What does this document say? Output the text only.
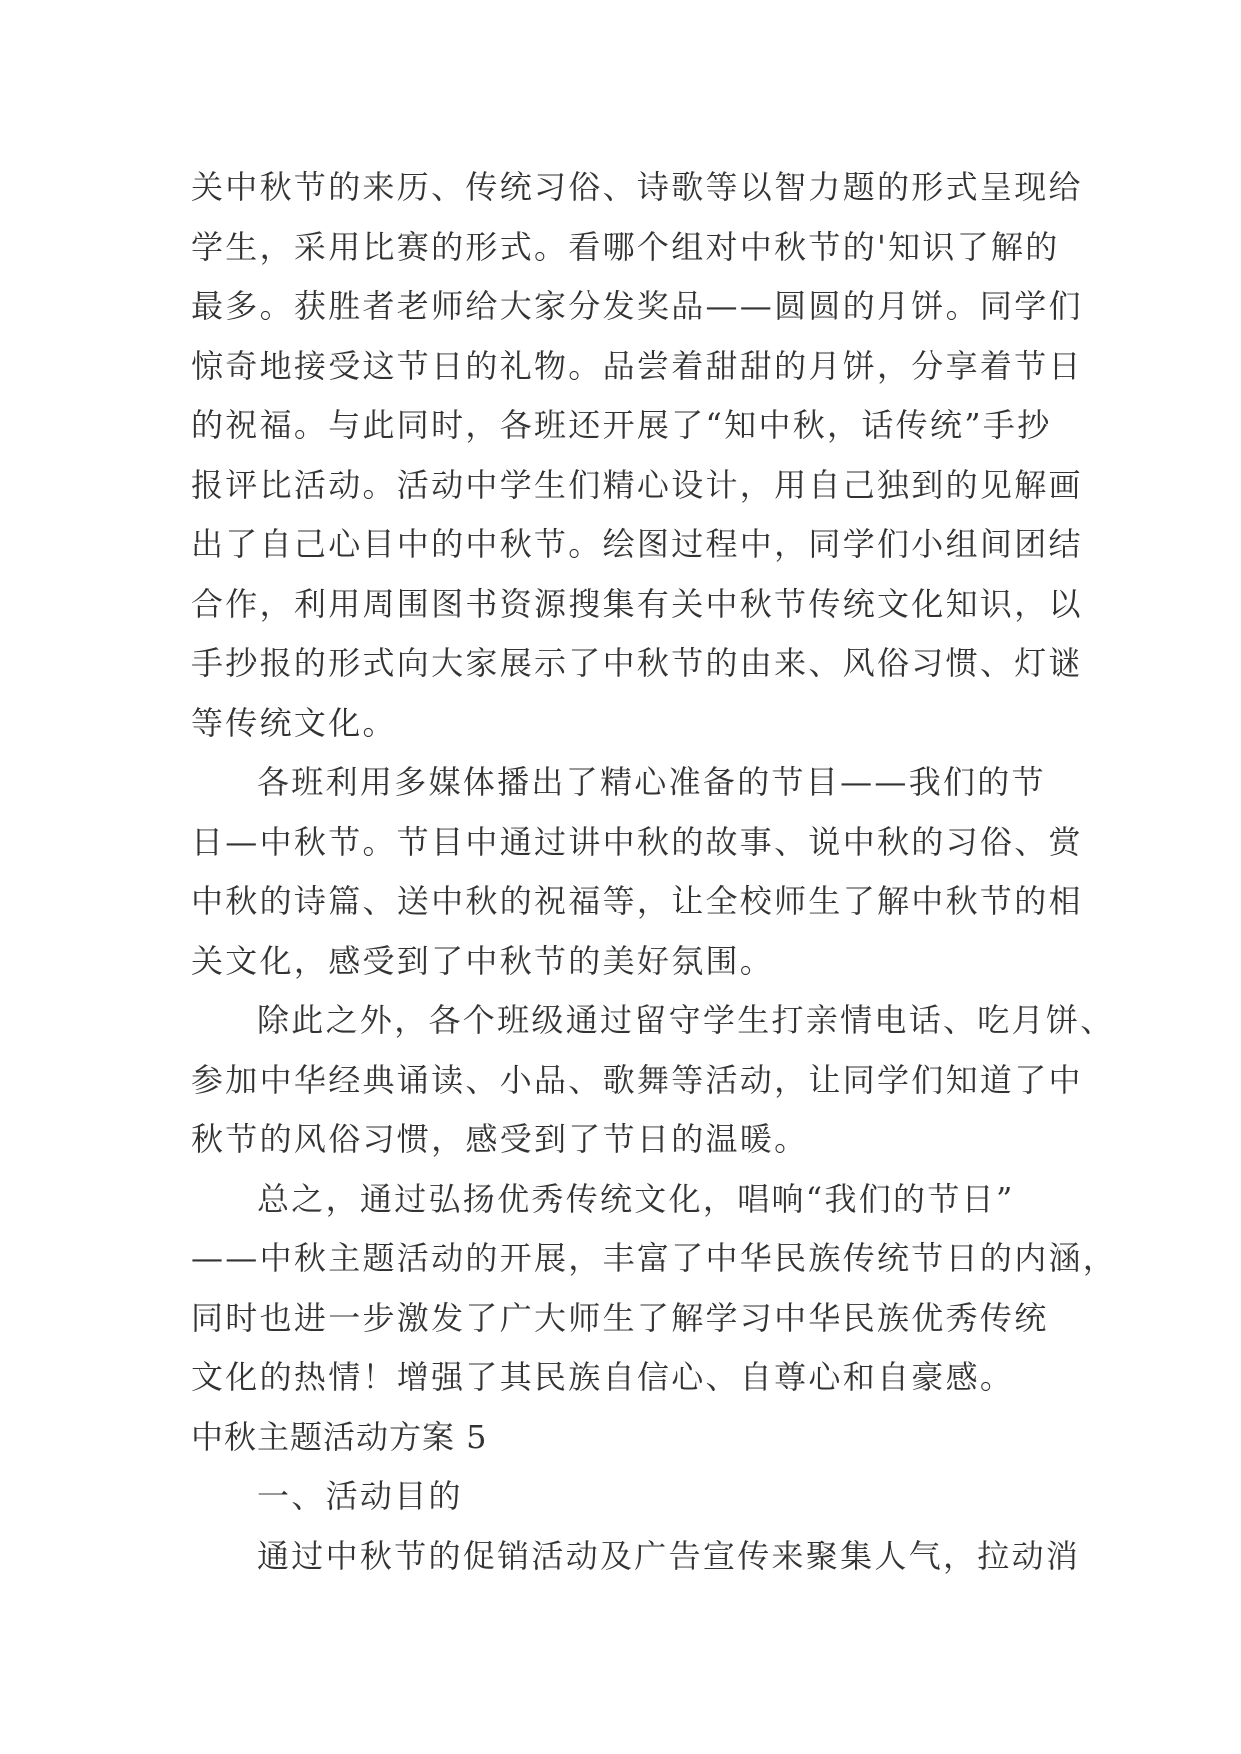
关中秋节的来历、传统习俗、诗歌等以智力题的形式呈现给
学生，采用比赛的形式。看哪个组对中秋节的'知识了解的
最多。获胜者老师给大家分发奖品——圆圆的月饼。同学们
惊奇地接受这节日的礼物。品尝着甜甜的月饼，分享着节日
的祝福。与此同时，各班还开展了“知中秋，话传统”手抄
报评比活动。活动中学生们精心设计，用自己独到的见解画
出了自己心目中的中秋节。绘图过程中，同学们小组间团结
合作，利用周围图书资源搜集有关中秋节传统文化知识，以
手抄报的形式向大家展示了中秋节的由来、风俗习惯、灯谜
等传统文化。
各班利用多媒体播出了精心准备的节目——我们的节
日—中秋节。节目中通过讲中秋的故事、说中秋的习俗、赏
中秋的诗篇、送中秋的祝福等，让全校师生了解中秋节的相
关文化，感受到了中秋节的美好氛围。
除此之外，各个班级通过留守学生打亲情电话、吃月饼、
参加中华经典诵读、小品、歌舞等活动，让同学们知道了中
秋节的风俗习惯，感受到了节日的温暖。
总之，通过弘扬优秀传统文化，唱响“我们的节日”
——中秋主题活动的开展，丰富了中华民族传统节日的内涵，
同时也进一步激发了广大师生了解学习中华民族优秀传统
文化的热情！增强了其民族自信心、自尊心和自豪感。
中秋主题活动方案 5
一、活动目的
通过中秋节的促销活动及广告宣传来聚集人气，拉动消
